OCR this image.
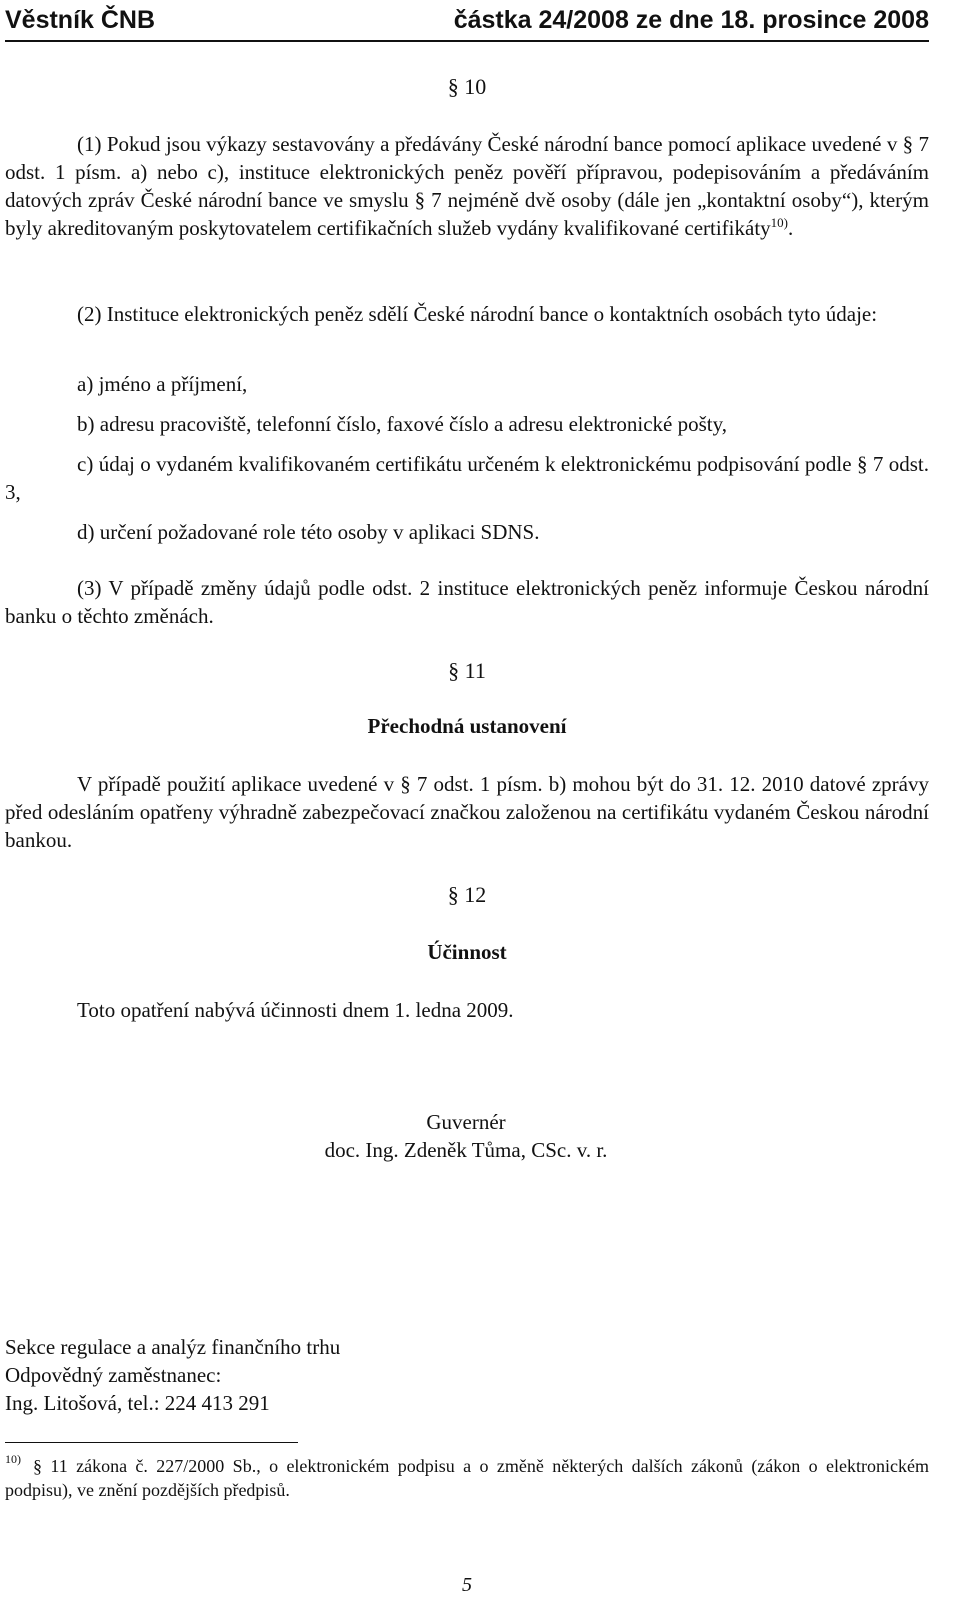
Věstník ČNB	částka 24/2008 ze dne 18. prosince 2008
§ 10
(1) Pokud jsou výkazy sestavovány a předávány České národní bance pomocí aplikace uvedené v § 7 odst. 1 písm. a) nebo c), instituce elektronických peněz pověří přípravou, podepisováním a předáváním datových zpráv České národní bance ve smyslu § 7 nejméně dvě osoby (dále jen „kontaktní osoby“), kterým byly akreditovaným poskytovatelem certifikačních služeb vydány kvalifikované certifikáty$^{10)}$.
(2) Instituce elektronických peněz sdělí České národní bance o kontaktních osobách tyto údaje:
a) jméno a příjmení,
b) adresu pracoviště, telefonní číslo, faxové číslo a adresu elektronické pošty,
c) údaj o vydaném kvalifikovaném certifikátu určeném k elektronickému podpisování podle § 7 odst. 3,
d) určení požadované role této osoby v aplikaci SDNS.
(3) V případě změny údajů podle odst. 2 instituce elektronických peněz informuje Českou národní banku o těchto změnách.
§ 11
Přechodná ustanovení
V případě použití aplikace uvedené v § 7 odst. 1 písm. b) mohou být do 31. 12. 2010 datové zprávy před odesláním opatřeny výhradně zabezpečovací značkou založenou na certifikátu vydaném Českou národní bankou.
§ 12
Účinnost
Toto opatření nabývá účinnosti dnem 1. ledna 2009.
Guvernér
doc. Ing. Zdeněk Tůma, CSc. v. r.
Sekce regulace a analýz finančního trhu
Odpovědný zaměstnanec:
Ing. Litošová, tel.: 224 413 291
10) § 11 zákona č. 227/2000 Sb., o elektronickém podpisu a o změně některých dalších zákonů (zákon o elektronickém podpisu), ve znění pozdějších předpisů.
5
